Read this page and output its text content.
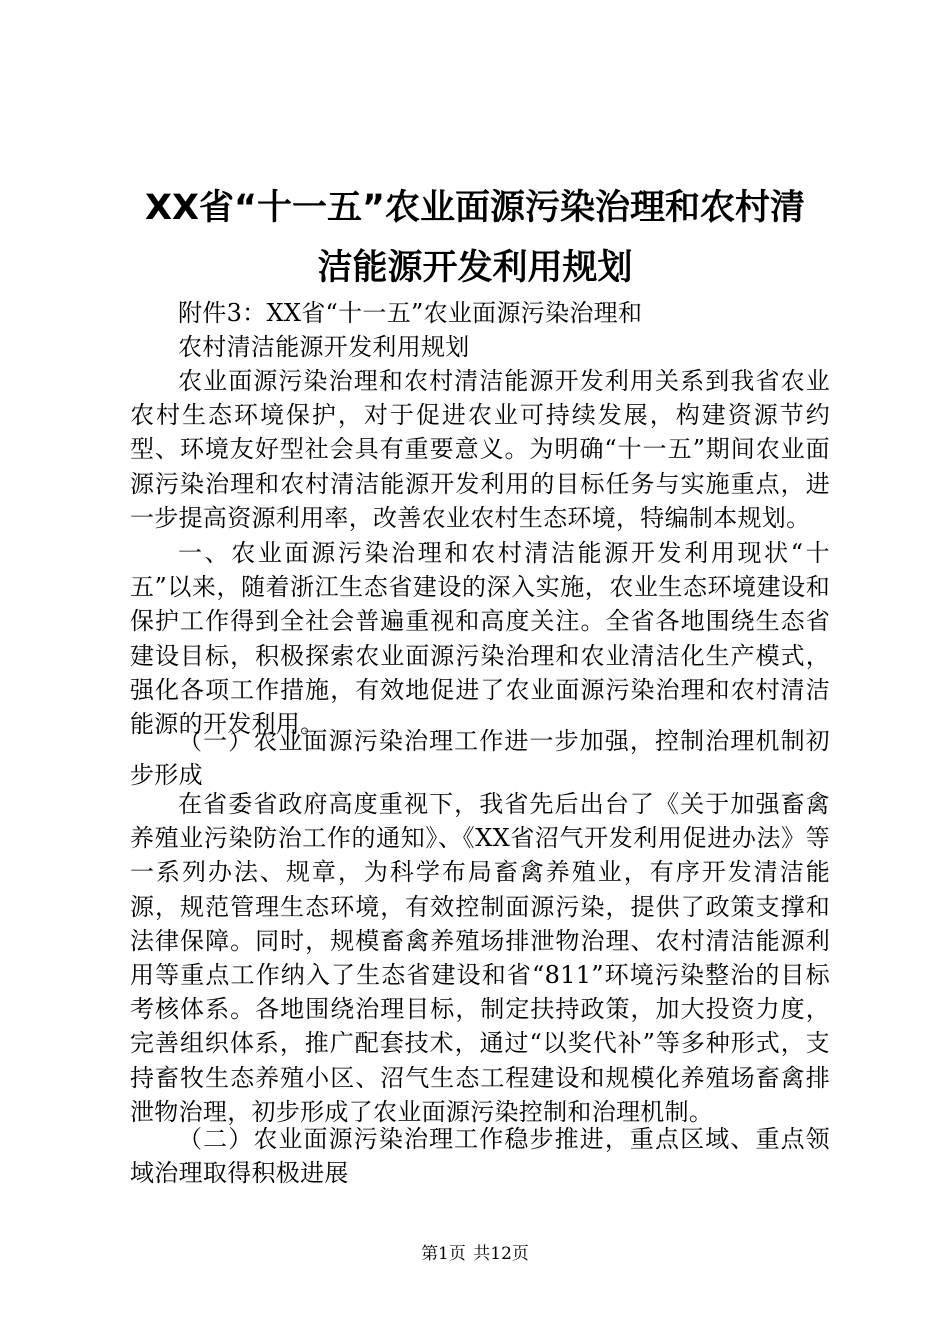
XX省“十一五”农业面源污染治理和农村清
洁能源开发利用规划

附件3：XX省“十一五”农业面源污染治理和

农村清洁能源开发利用规划

农业面源污染治理和农村清洁能源开发利用关系到我省农业农村生态环境保护，对于促进农业可持续发展，构建资源节约型、环境友好型社会具有重要意义。为明确“十一五”期间农业面源污染治理和农村清洁能源开发利用的目标任务与实施重点，进一步提高资源利用率，改善农业农村生态环境，特编制本规划。

一、农业面源污染治理和农村清洁能源开发利用现状“十五”以来，随着浙江生态省建设的深入实施，农业生态环境建设和保护工作得到全社会普遍重视和高度关注。全省各地围绕生态省建设目标，积极探索农业面源污染治理和农业清洁化生产模式，强化各项工作措施，有效地促进了农业面源污染治理和农村清洁能源的开发利用。

（一）农业面源污染治理工作进一步加强，控制治理机制初步形成

在省委省政府高度重视下，我省先后出台了《关于加强畜禽养殖业污染防治工作的通知》、《XX省沼气开发利用促进办法》等一系列办法、规章，为科学布局畜禽养殖业，有序开发清洁能源，规范管理生态环境，有效控制面源污染，提供了政策支撑和法律保障。同时，规模畜禽养殖场排泄物治理、农村清洁能源利用等重点工作纳入了生态省建设和省“811”环境污染整治的目标考核体系。各地围绕治理目标，制定扶持政策，加大投资力度，完善组织体系，推广配套技术，通过“以奖代补”等多种形式，支持畜牧生态养殖小区、沼气生态工程建设和规模化养殖场畜禽排泄物治理，初步形成了农业面源污染控制和治理机制。

（二）农业面源污染治理工作稳步推进，重点区域、重点领域治理取得积极进展

第1页 共12页
